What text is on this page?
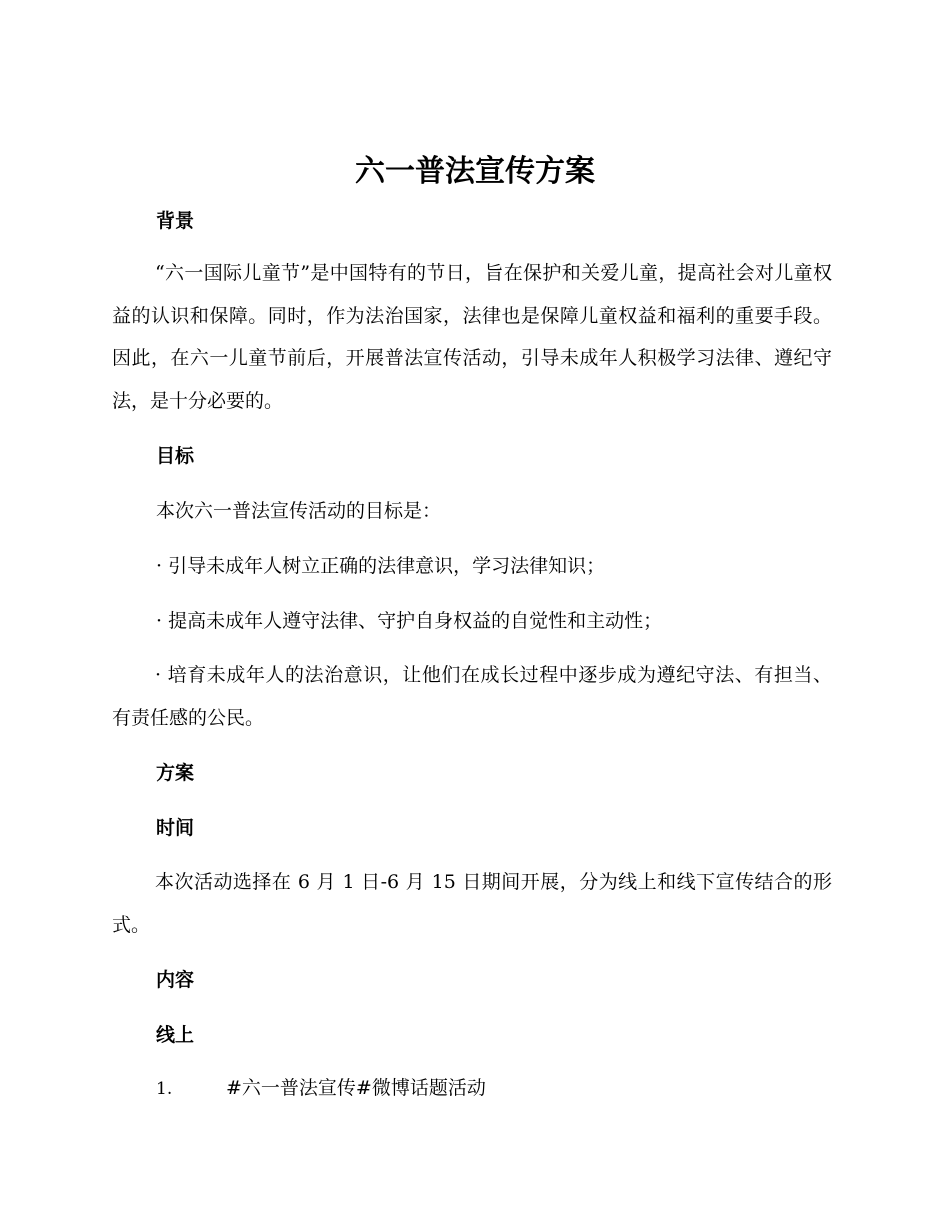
六一普法宣传方案
背景

“六一国际儿童节”是中国特有的节日，旨在保护和关爱儿童，提高社会对儿童权益的认识和保障。同时，作为法治国家，法律也是保障儿童权益和福利的重要手段。因此，在六一儿童节前后，开展普法宣传活动，引导未成年人积极学习法律、遵纪守法，是十分必要的。

目标

本次六一普法宣传活动的目标是：

· 引导未成年人树立正确的法律意识，学习法律知识；

· 提高未成年人遵守法律、守护自身权益的自觉性和主动性；

· 培育未成年人的法治意识，让他们在成长过程中逐步成为遵纪守法、有担当、有责任感的公民。

方案
时间

本次活动选择在 6 月 1 日-6 月 15 日期间开展，分为线上和线下宣传结合的形式。

内容
线上
1.	#六一普法宣传#微博话题活动
